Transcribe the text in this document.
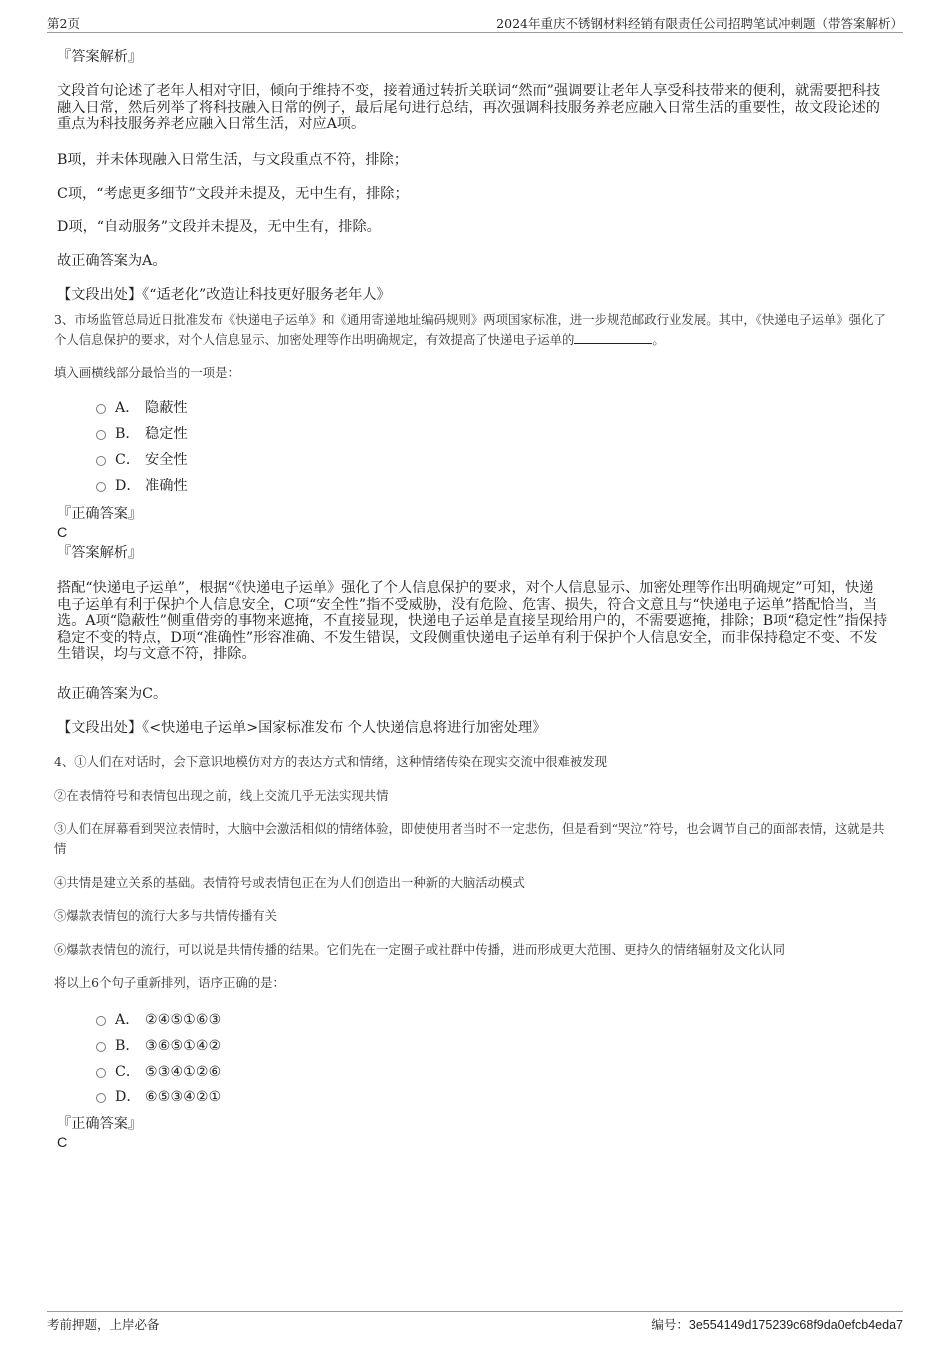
第2页	2024年重庆不锈钢材料经销有限责任公司招聘笔试冲刺题（带答案解析）
『答案解析』
文段首句论述了老年人相对守旧，倾向于维持不变，接着通过转折关联词“然而”强调要让老年人享受科技带来的便利，就需要把科技融入日常，然后列举了将科技融入日常的例子，最后尾句进行总结，再次强调科技服务养老应融入日常生活的重要性，故文段论述的重点为科技服务养老应融入日常生活，对应A项。
B项，并未体现融入日常生活，与文段重点不符，排除；
C项，“考虑更多细节”文段并未提及，无中生有，排除；
D项，“自动服务”文段并未提及，无中生有，排除。
故正确答案为A。
【文段出处】《“适老化”改造让科技更好服务老年人》
3、市场监管总局近日批准发布《快递电子运单》和《通用寄递地址编码规则》两项国家标准，进一步规范邮政行业发展。其中，《快递电子运单》强化了个人信息保护的要求，对个人信息显示、加密处理等作出明确规定，有效提高了快递电子运单的	。
填入画横线部分最恰当的一项是：
A． 隐蔽性
B． 稳定性
C． 安全性
D． 准确性
『正确答案』
C
『答案解析』
搭配“快递电子运单”，根据“《快递电子运单》强化了个人信息保护的要求，对个人信息显示、加密处理等作出明确规定”可知，快递电子运单有利于保护个人信息安全，C项“安全性”指不受威胁，没有危险、危害、损失，符合文意且与“快递电子运单”搭配恰当，当选。A项“隐蔽性”侧重借旁的事物来遮掩，不直接显现，快递电子运单是直接呈现给用户的，不需要遮掩，排除；B项“稳定性”指保持稳定不变的特点，D项“准确性”形容准确、不发生错误，文段侧重快递电子运单有利于保护个人信息安全，而非保持稳定不变、不发生错误，均与文意不符，排除。
故正确答案为C。
【文段出处】《<快递电子运单>国家标准发布 个人快递信息将进行加密处理》
4、①人们在对话时，会下意识地模仿对方的表达方式和情绪，这种情绪传染在现实交流中很难被发现
②在表情符号和表情包出现之前，线上交流几乎无法实现共情
③人们在屏幕看到哭泣表情时，大脑中会激活相似的情绪体验，即使使用者当时不一定悲伤，但是看到“哭泣”符号，也会调节自己的面部表情，这就是共情
④共情是建立关系的基础。表情符号或表情包正在为人们创造出一种新的大脑活动模式
⑤爆款表情包的流行大多与共情传播有关
⑥爆款表情包的流行，可以说是共情传播的结果。它们先在一定圈子或社群中传播，进而形成更大范围、更持久的情绪辐射及文化认同
将以上6个句子重新排列，语序正确的是：
A． ②④⑤①⑥③
B． ③⑥⑤①④②
C． ⑤③④①②⑥
D． ⑥⑤③④②①
『正确答案』
C
考前押题，上岸必备	编号：3e554149d175239c68f9da0efcb4eda7
